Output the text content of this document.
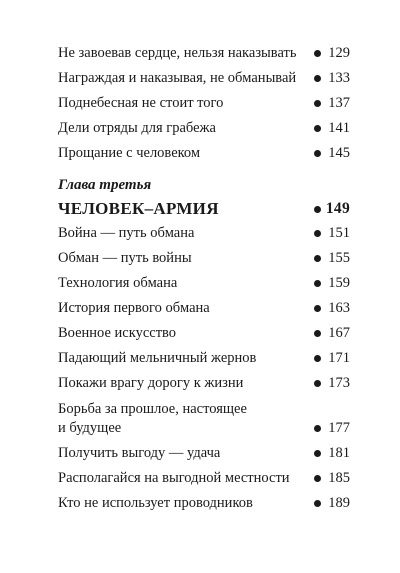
Не завоевав сердце, нельзя наказывать	129
Награждая и наказывая, не обманывай	133
Поднебесная не стоит того	137
Дели отряды для грабежа	141
Прощание с человеком	145
Глава третья
ЧЕЛОВЕК–АРМИЯ	149
Война — путь обмана	151
Обман — путь войны	155
Технология обмана	159
История первого обмана	163
Военное искусство	167
Падающий мельничный жернов	171
Покажи врагу дорогу к жизни	173
Борьба за прошлое, настоящее
и будущее	177
Получить выгоду — удача	181
Располагайся на выгодной местности	185
Кто не использует проводников	189
